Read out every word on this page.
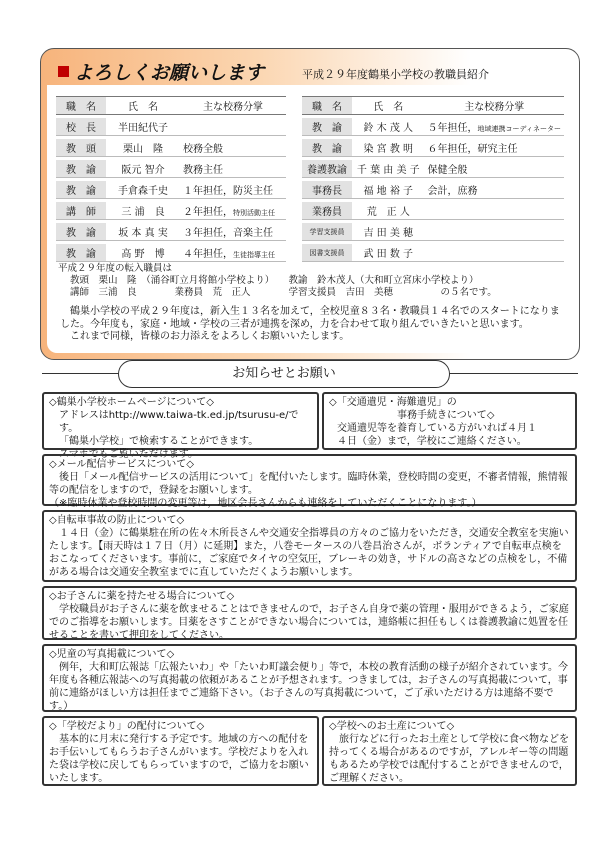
よろしくお願いします	平成２９年度鶴巣小学校の教職員紹介
職　名	氏　名	主な校務分掌
校　長	半田紀代子	
教　頭	栗山　隆	校務全般
教　諭	阪元 智介	教務主任
教　諭	手倉森千史	１年担任，防災主任
講　師	三 浦　良	２年担任，特別活動主任
教　諭	坂 本 真 実	３年担任，音楽主任
教　諭	高 野　博	４年担任，生徒指導主任
職　名	氏　名	主な校務分掌
教　諭	鈴 木 茂 人	５年担任，地域連携コーディネーター
教　諭	染 宮 教 明	６年担任，研究主任
養護教諭	千 葉 由 美 子	保健全般
事務長	福 地 裕 子	会計，庶務
業務員	荒　正 人	
学習支援員	吉 田 美 穂	
図書支援員	武 田 数 子	
平成２９年度の転入職員は
教頭　栗山　隆　（涌谷町立月将館小学校より）　　教諭　鈴木茂人（大和町立宮床小学校より）
講師　三浦　良　　　　業務員　荒　正人　　　　学習支援員　吉田　美穂　　　　　の５名です。
　鶴巣小学校の平成２９年度は，新入生１３名を加えて，全校児童８３名・教職員１４名でのスタートになりました。今年度も，家庭・地域・学校の三者が連携を深め，力を合わせて取り組んでいきたいと思います。
　これまで同様，皆様のお力添えをよろしくお願いいたします。
お知らせとお願い

◇鶴巣小学校ホームページについて◇

アドレスはhttp://www.taiwa-tk.ed.jp/tsurusu-e/です。

「鶴巣小学校」で検索することができます。

スマホでもご覧いただけます。

◇「交通遺児・海難遺児」の

事務手続きについて◇

交通遺児等を養育している方がいれば４月１

４日（金）まで，学校にご連絡ください。

◇メール配信サービスについて◇

　後日「メール配信サービスの活用について」を配付いたします。臨時休業，登校時間の変更，不審者情報，熊情報等の配信をしますので，登録をお願いします。

（※臨時休業や登校時間の変更等は，地区会長さんからも連絡をしていただくことになります。）

◇自転車事故の防止について◇

　１４日（金）に鶴巣駐在所の佐々木所長さんや交通安全指導員の方々のご協力をいただき，交通安全教室を実施いたします。【雨天時は１７日（月）に延期】また，八巻モータースの八巻昌治さんが，ボランティアで自転車点検をおこなってくださいます。事前に，ご家庭でタイヤの空気圧，ブレーキの効き，サドルの高さなどの点検をし，不備がある場合は交通安全教室までに直していただくようお願いします。

◇お子さんに薬を持たせる場合について◇

　学校職員がお子さんに薬を飲ませることはできませんので，お子さん自身で薬の管理・服用ができるよう，ご家庭でのご指導をお願いします。目薬をさすことができない場合については，連絡帳に担任もしくは養護教諭に処置を任せることを書いて押印をしてください。

◇児童の写真掲載について◇

　例年，大和町広報誌「広報たいわ」や「たいわ町議会便り」等で，本校の教育活動の様子が紹介されています。今年度も各種広報誌への写真掲載の依頼があることが予想されます。つきましては，お子さんの写真掲載について，事前に連絡がほしい方は担任までご連絡下さい。（お子さんの写真掲載について，ご了承いただける方は連絡不要です。）

◇「学校だより」の配付について◇

　基本的に月末に発行する予定です。地域の方への配付をお手伝いしてもらうお子さんがいます。学校だよりを入れた袋は学校に戻してもらっていますので，ご協力をお願いいたします。

◇学校へのお土産について◇

　旅行などに行ったお土産として学校に食べ物などを持ってくる場合があるのですが，アレルギー等の問題もあるため学校では配付することができませんので，ご理解ください。
